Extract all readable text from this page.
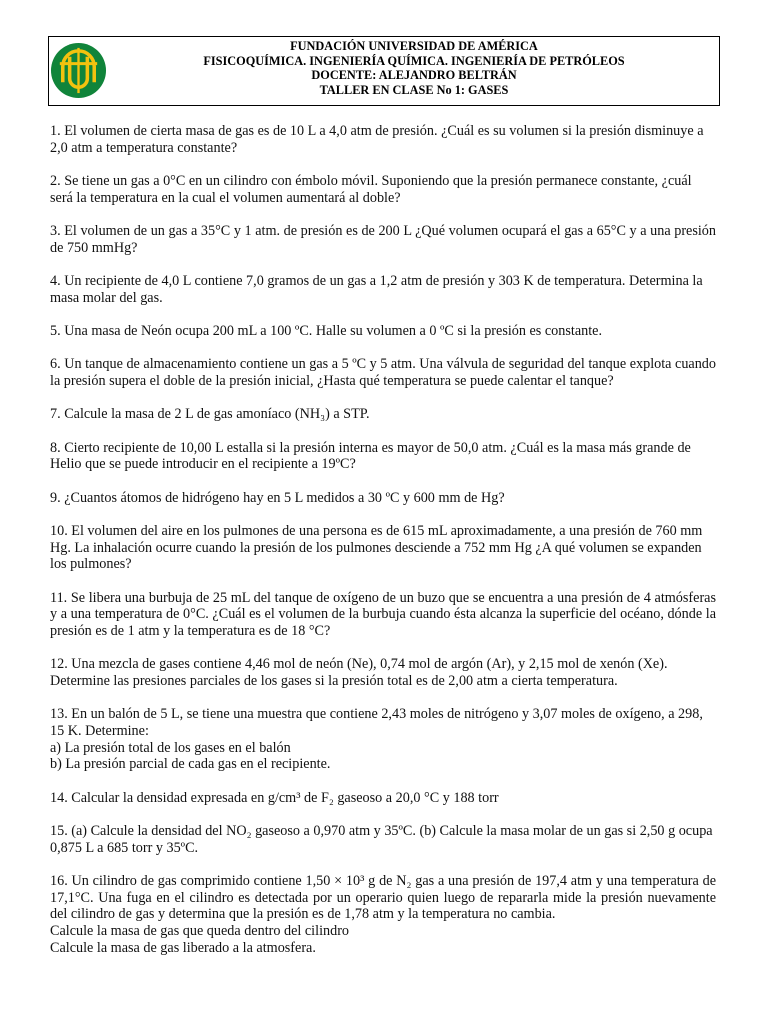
FUNDACIÓN UNIVERSIDAD DE AMÉRICA
FISICOQUÍMICA. INGENIERÍA QUÍMICA. INGENIERÍA DE PETRÓLEOS
DOCENTE: ALEJANDRO BELTRÁN
TALLER EN CLASE No 1: GASES

1. El volumen de cierta masa de gas es de 10 L a 4,0 atm de presión. ¿Cuál es su volumen si la presión disminuye a 2,0 atm a temperatura constante?

2. Se tiene un gas a 0°C en un cilindro con émbolo móvil. Suponiendo que la presión permanece constante, ¿cuál será la temperatura en la cual el volumen aumentará al doble?

3. El volumen de un gas a 35°C y 1 atm. de presión es de 200 L ¿Qué volumen ocupará el gas a 65°C y a una presión de 750 mmHg?

4. Un recipiente de 4,0 L contiene 7,0 gramos de un gas a 1,2 atm de presión y 303 K de temperatura. Determina la masa molar del gas.

5. Una masa de Neón ocupa 200 mL a 100 ºC. Halle su volumen a 0 ºC si la presión es constante.

6. Un tanque de almacenamiento contiene un gas a 5 ºC y 5 atm. Una válvula de seguridad del tanque explota cuando la presión supera el doble de la presión inicial, ¿Hasta qué temperatura se puede calentar el tanque?

7. Calcule la masa de 2 L de gas amoníaco (NH₃) a STP.

8. Cierto recipiente de 10,00 L estalla si la presión interna es mayor de 50,0 atm. ¿Cuál es la masa más grande de Helio que se puede introducir en el recipiente a 19ºC?

9. ¿Cuantos átomos de hidrógeno hay en 5 L medidos a 30 ºC y 600 mm de Hg?

10. El volumen del aire en los pulmones de una persona es de 615 mL aproximadamente, a una presión de 760 mm Hg. La inhalación ocurre cuando la presión de los pulmones desciende a 752 mm Hg ¿A qué volumen se expanden los pulmones?

11. Se libera una burbuja de 25 mL del tanque de oxígeno de un buzo que se encuentra a una presión de 4 atmósferas y a una temperatura de 0°C. ¿Cuál es el volumen de la burbuja cuando ésta alcanza la superficie del océano, dónde la presión es de 1 atm y la temperatura es de 18 °C?

12. Una mezcla de gases contiene 4,46 mol de neón (Ne), 0,74 mol de argón (Ar), y 2,15 mol de xenón (Xe). Determine las presiones parciales de los gases si la presión total es de 2,00 atm a cierta temperatura.

13. En un balón de 5 L, se tiene una muestra que contiene 2,43 moles de nitrógeno y 3,07 moles de oxígeno, a 298, 15 K. Determine:

a) La presión total de los gases en el balón

b) La presión parcial de cada gas en el recipiente.

14. Calcular la densidad expresada en g/cm³ de F₂ gaseoso a 20,0 °C y 188 torr

15. (a) Calcule la densidad del NO₂ gaseoso a 0,970 atm y 35ºC. (b) Calcule la masa molar de un gas si 2,50 g ocupa 0,875 L a 685 torr y 35ºC.

16. Un cilindro de gas comprimido contiene 1,50 × 10³ g de N₂ gas a una presión de 197,4 atm y una temperatura de 17,1°C. Una fuga en el cilindro es detectada por un operario quien luego de repararla mide la presión nuevamente del cilindro de gas y determina que la presión es de 1,78 atm y la temperatura no cambia.

Calcule la masa de gas que queda dentro del cilindro

Calcule la masa de gas liberado a la atmosfera.
